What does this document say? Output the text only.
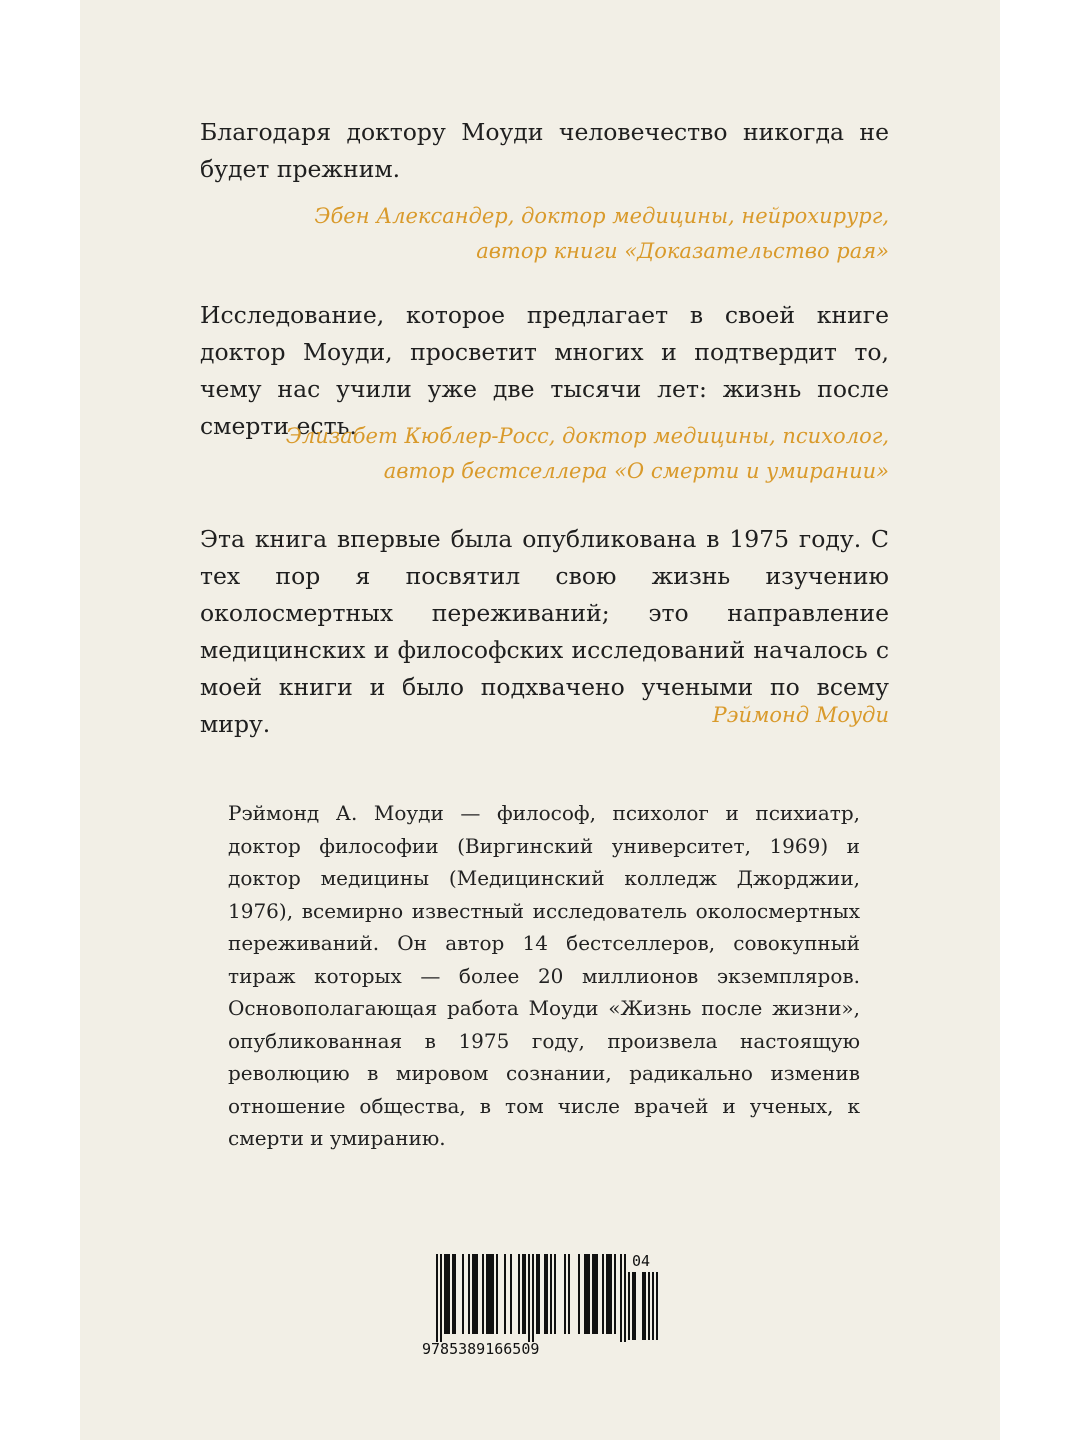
Благодаря доктору Моуди человечество никогда не будет прежним.

Эбен Александер, доктор медицины, нейрохирург,
автор книги «Доказательство рая»

Исследование, которое предлагает в своей книге доктор Моуди, просветит многих и подтвердит то, чему нас учили уже две тысячи лет: жизнь после смерти есть.

Элизабет Кюблер-Росс, доктор медицины, психолог,
автор бестселлера «О смерти и умирании»

Эта книга впервые была опубликована в 1975 году. С тех пор я посвятил свою жизнь изучению околосмертных переживаний; это направление медицинских и философских исследований началось с моей книги и было подхвачено учеными по всему миру.	Рэймонд Моуди

Рэймонд А. Моуди — философ, психолог и психиатр, доктор философии (Виргинский университет, 1969) и доктор медицины (Медицинский колледж Джорджии, 1976), всемирно известный исследователь околосмертных переживаний. Он автор 14 бестселлеров, совокупный тираж которых — более 20 миллионов экземпляров. Основополагающая работа Моуди «Жизнь после жизни», опубликованная в 1975 году, произвела настоящую революцию в мировом сознании, радикально изменив отношение общества, в том числе врачей и ученых, к смерти и умиранию.

9785389166509
04
